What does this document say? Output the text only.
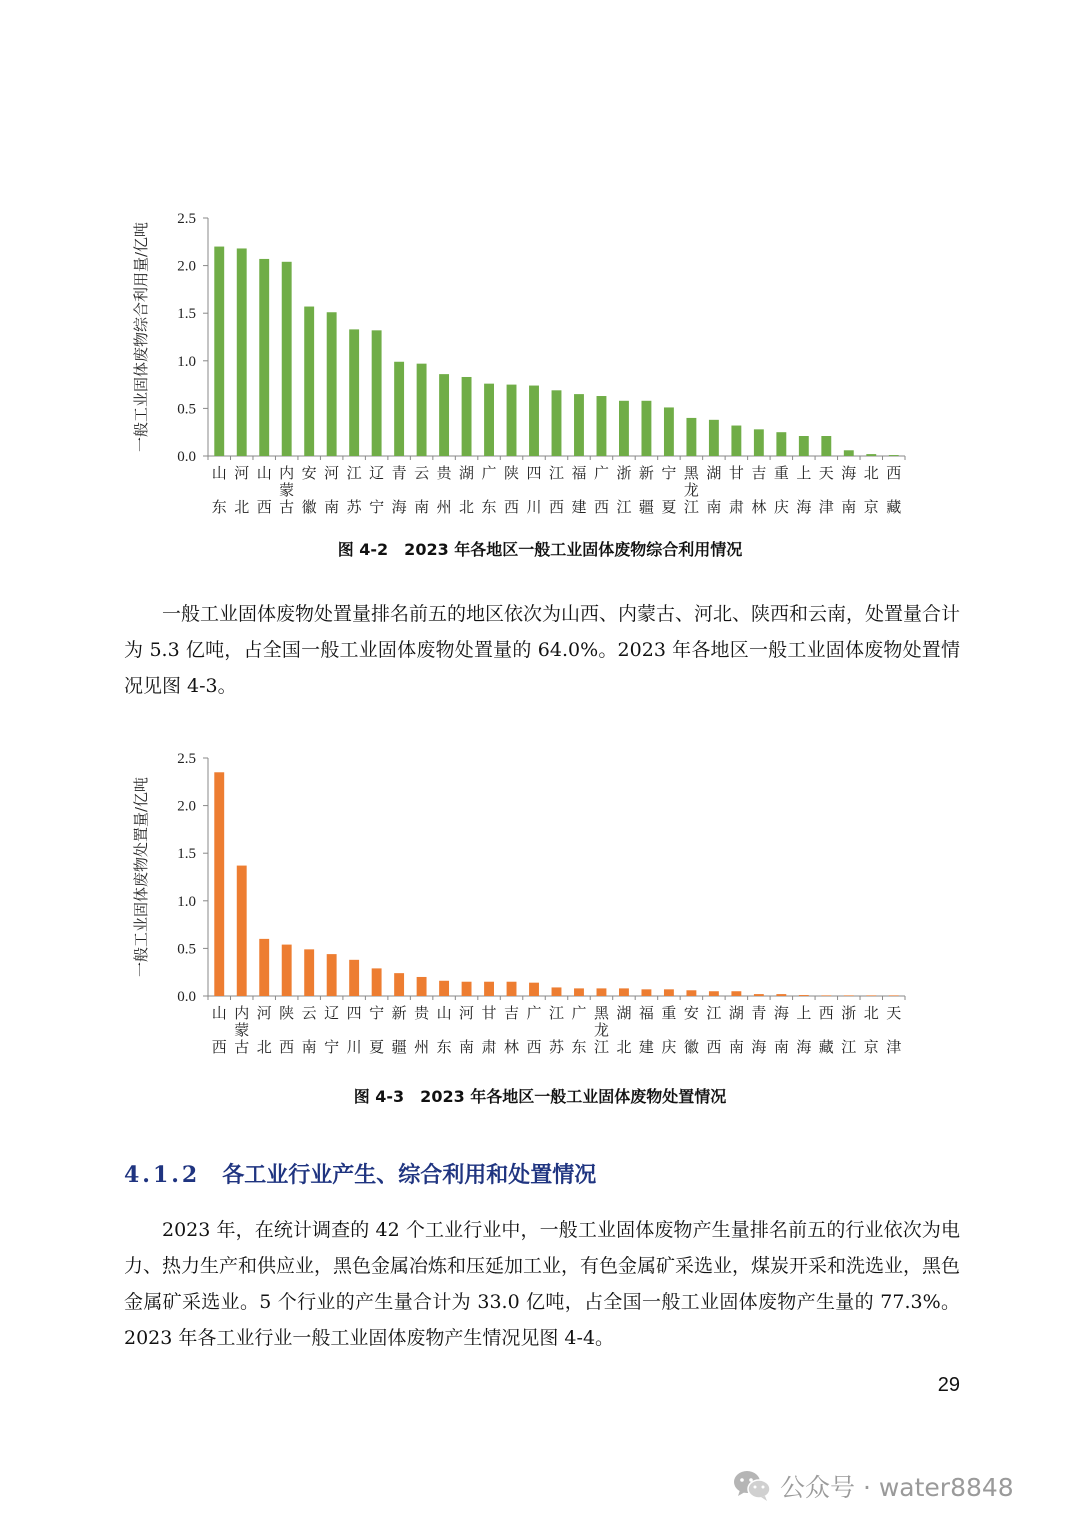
一般工业固体废物综合利用量/亿吨
2.5
2.0
1.5
1.0
0.5
0.0
山
东
河
北
山
西
内
蒙
古
安
徽
河
南
江
苏
辽
宁
青
海
云
南
贵
州
湖
北
广
东
陕
西
四
川
江
西
福
建
广
西
浙
江
新
疆
宁
夏
黑
龙
江
湖
南
甘
肃
吉
林
重
庆
上
海
天
津
海
南
北
京
西
藏
图 4-2　2023 年各地区一般工业固体废物综合利用情况

一般工业固体废物处置量排名前五的地区依次为山西、内蒙古、河北、陕西和云南，处置量合计为 5.3 亿吨，占全国一般工业固体废物处置量的 64.0%。2023 年各地区一般工业固体废物处置情况见图 4-3。

一般工业固体废物处置量/亿吨
2.5
2.0
1.5
1.0
0.5
0.0
山
西
内
蒙
古
河
北
陕
西
云
南
辽
宁
四
川
宁
夏
新
疆
贵
州
山
东
河
南
甘
肃
吉
林
广
西
江
苏
广
东
黑
龙
江
湖
北
福
建
重
庆
安
徽
江
西
湖
南
青
海
海
南
上
海
西
藏
浙
江
北
京
天
津
图 4-3　2023 年各地区一般工业固体废物处置情况
4.1.2 各工业行业产生、综合利用和处置情况

2023 年，在统计调查的 42 个工业行业中，一般工业固体废物产生量排名前五的行业依次为电力、热力生产和供应业，黑色金属冶炼和压延加工业，有色金属矿采选业，煤炭开采和洗选业，黑色金属矿采选业。5 个行业的产生量合计为 33.0 亿吨，占全国一般工业固体废物产生量的 77.3%。2023 年各工业行业一般工业固体废物产生情况见图 4-4。

29
公众号 · water8848
